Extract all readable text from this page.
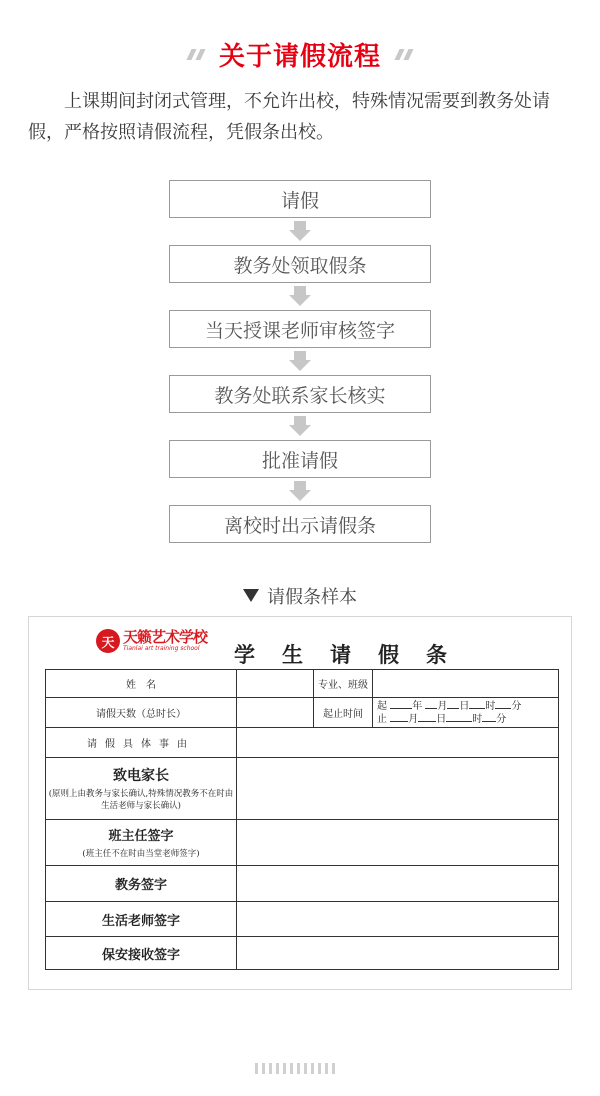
关于请假流程

上课期间封闭式管理，不允许出校，特殊情况需要到教务处请假，严格按照请假流程，凭假条出校。

请假
教务处领取假条
当天授课老师审核签字
教务处联系家长核实
批准请假
离校时出示请假条
请假条样本
天 天籁艺术学校
Tianlai art training school	学生请假条
姓　名		专业、班级	
请假天数（总时长）		起止时间	起 年 月 日 时 分
止 月 日 时 分

请假具体事由			

致电家长
(原则上由教务与家长确认,特殊情况教务不在时由生活老师与家长确认)			

班主任签字
(班主任不在时由当堂老师签字)			

教务签字			
生活老师签字			
保安接收签字			
